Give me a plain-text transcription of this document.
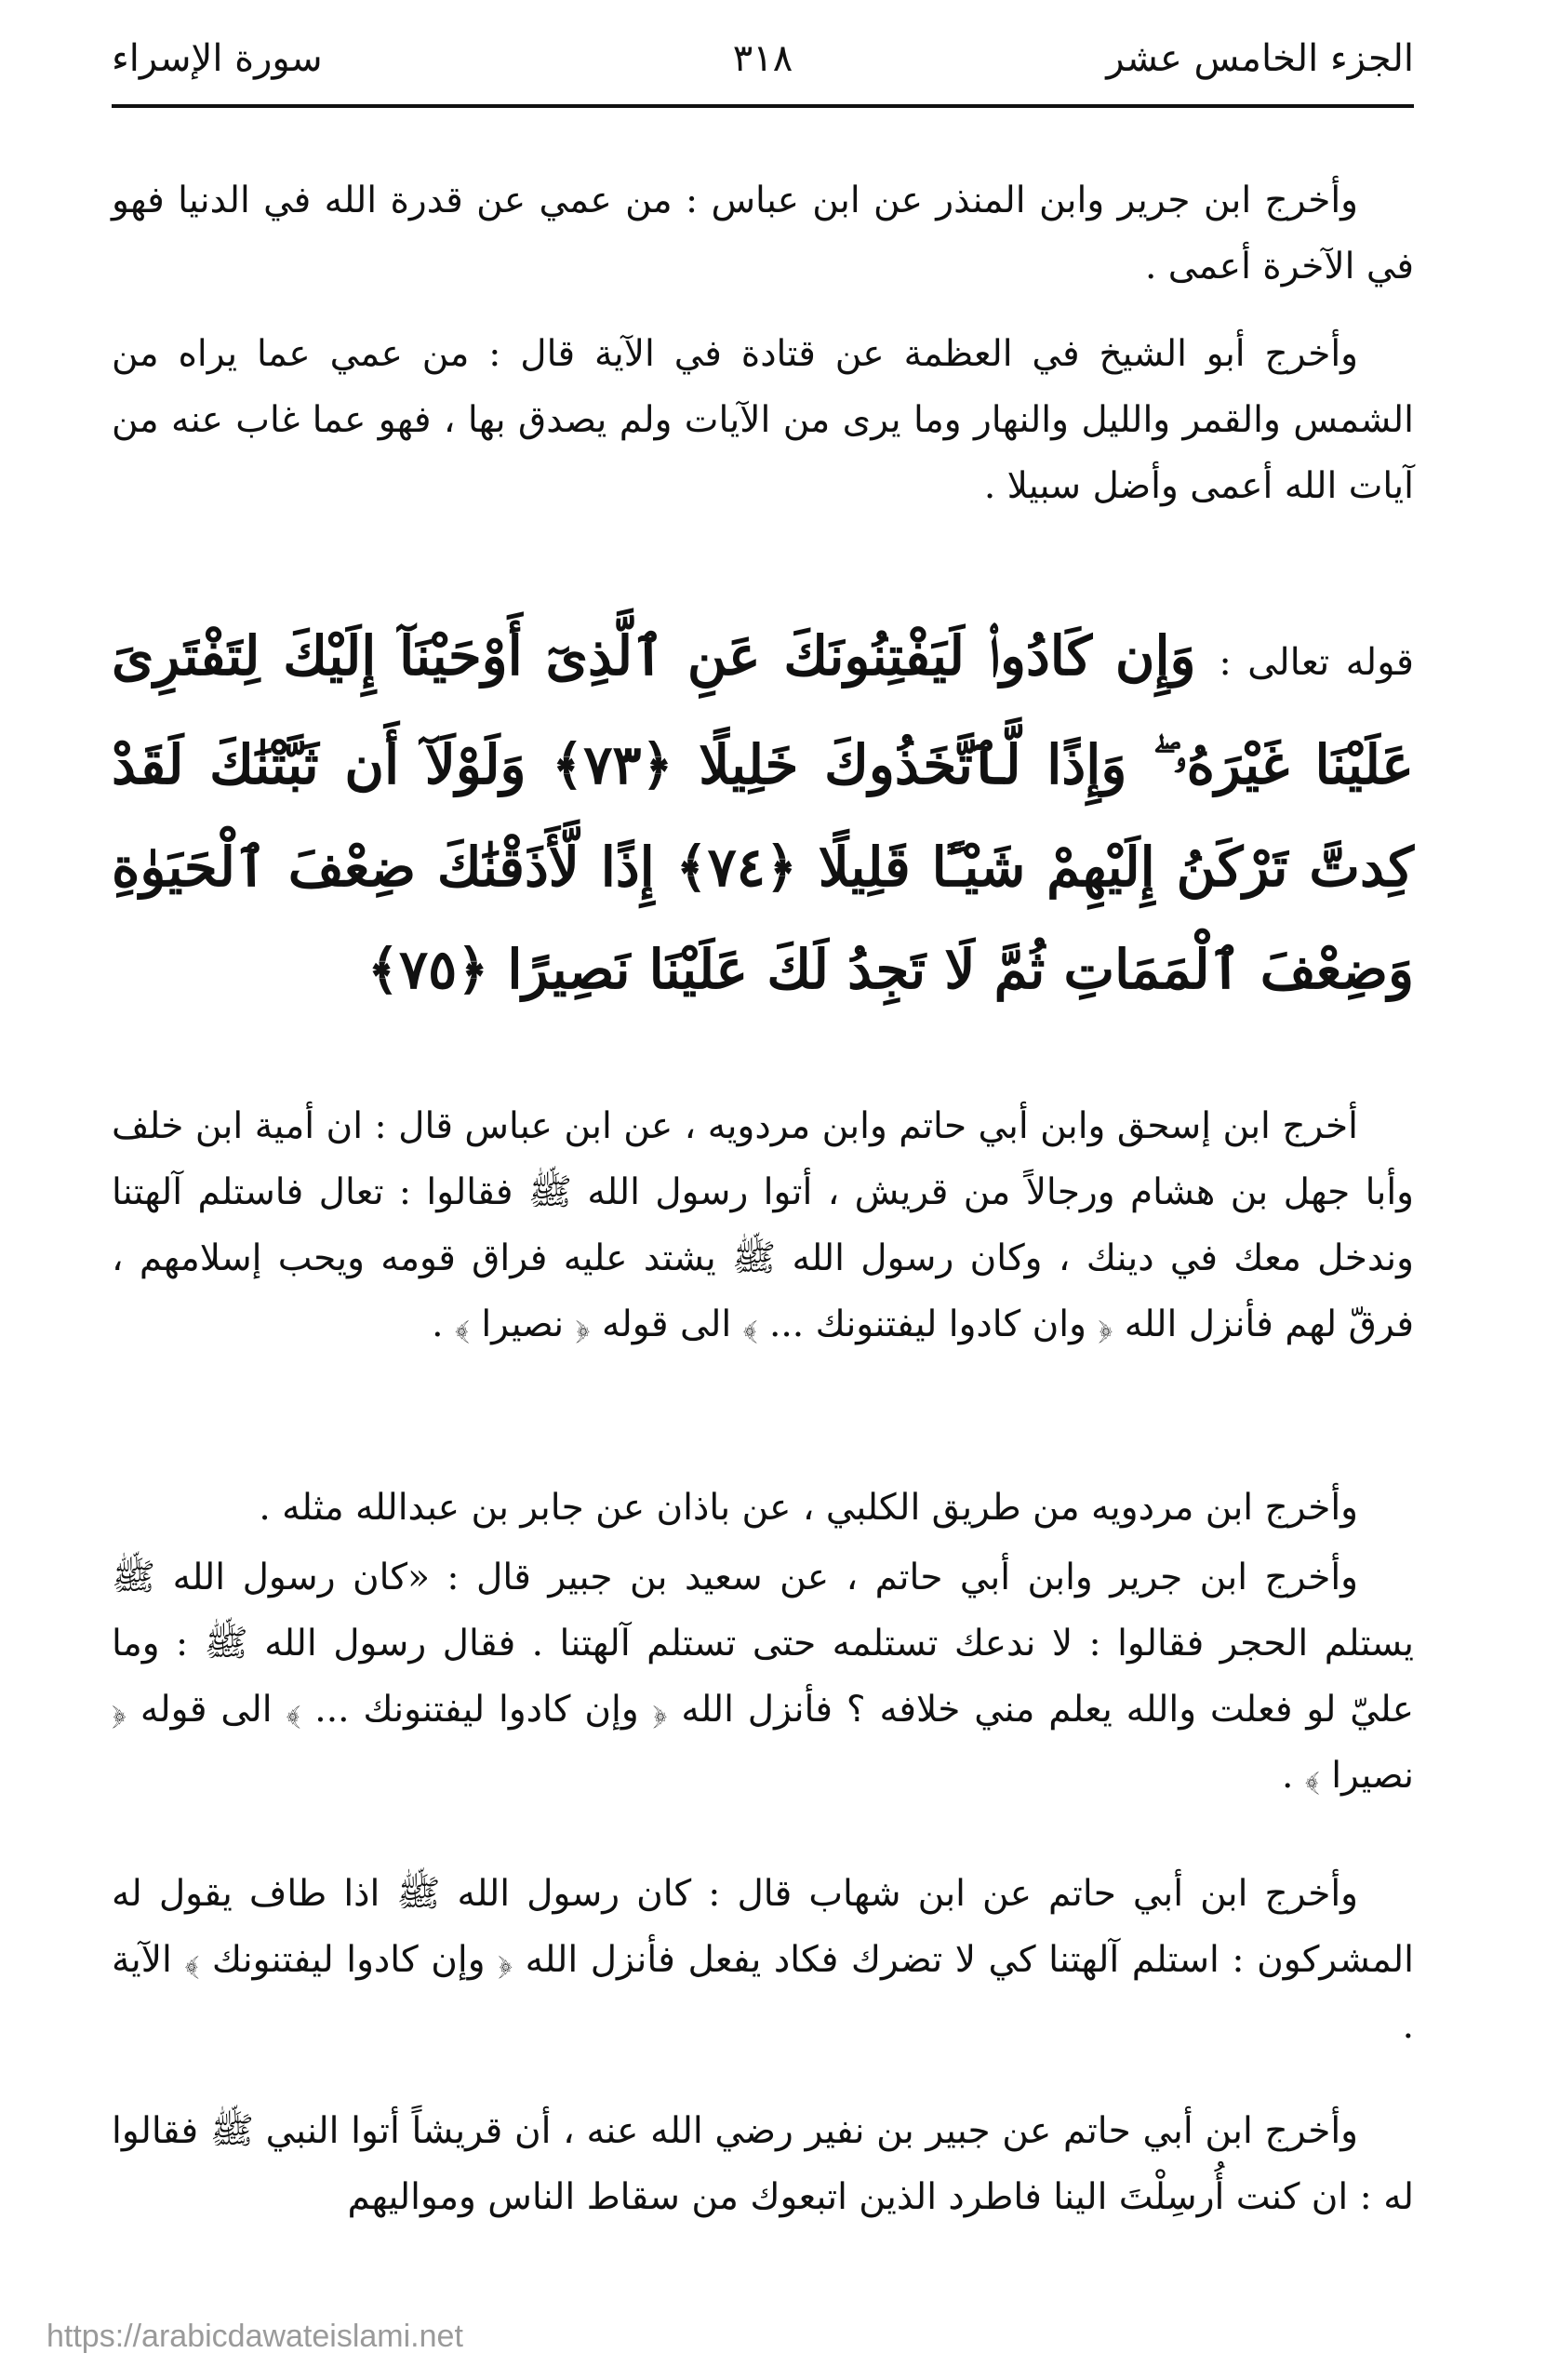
الجزء الخامس عشر
٣١٨
سورة الإسراء

وأخرج ابن جرير وابن المنذر عن ابن عباس : من عمي عن قدرة الله في الدنيا فهو في الآخرة أعمى .

وأخرج أبو الشيخ في العظمة عن قتادة في الآية قال : من عمي عما يراه من الشمس والقمر والليل والنهار وما يرى من الآيات ولم يصدق بها ، فهو عما غاب عنه من آيات الله أعمى وأضل سبيلا .

قوله تعالى : وَإِن كَادُوا۟ لَيَفْتِنُونَكَ عَنِ ٱلَّذِىٓ أَوْحَيْنَآ إِلَيْكَ لِتَفْتَرِىَ عَلَيْنَا غَيْرَهُۥ ۖ وَإِذًا لَّٱتَّخَذُوكَ خَلِيلًا ﴿٧٣﴾ وَلَوْلَآ أَن ثَبَّتْنَٰكَ لَقَدْ كِدتَّ تَرْكَنُ إِلَيْهِمْ شَيْـًٔا قَلِيلًا ﴿٧٤﴾ إِذًا لَّأَذَقْنَٰكَ ضِعْفَ ٱلْحَيَوٰةِ وَضِعْفَ ٱلْمَمَاتِ ثُمَّ لَا تَجِدُ لَكَ عَلَيْنَا نَصِيرًا ﴿٧٥﴾

أخرج ابن إسحق وابن أبي حاتم وابن مردويه ، عن ابن عباس قال : ان أمية ابن خلف وأبا جهل بن هشام ورجالاً من قريش ، أتوا رسول الله ﷺ فقالوا : تعال فاستلم آلهتنا وندخل معك في دينك ، وكان رسول الله ﷺ يشتد عليه فراق قومه ويحب إسلامهم ، فرقّ لهم فأنزل الله ﴿ وان كادوا ليفتنونك ... ﴾ الى قوله ﴿ نصيرا ﴾ .

وأخرج ابن مردويه من طريق الكلبي ، عن باذان عن جابر بن عبدالله مثله .

وأخرج ابن جرير وابن أبي حاتم ، عن سعيد بن جبير قال : «كان رسول الله ﷺ يستلم الحجر فقالوا : لا ندعك تستلمه حتى تستلم آلهتنا . فقال رسول الله ﷺ : وما عليّ لو فعلت والله يعلم مني خلافه ؟ فأنزل الله ﴿ وإن كادوا ليفتنونك ... ﴾ الى قوله ﴿ نصيرا ﴾ .

وأخرج ابن أبي حاتم عن ابن شهاب قال : كان رسول الله ﷺ اذا طاف يقول له المشركون : استلم آلهتنا كي لا تضرك فكاد يفعل فأنزل الله ﴿ وإن كادوا ليفتنونك ﴾ الآية .

وأخرج ابن أبي حاتم عن جبير بن نفير رضي الله عنه ، أن قريشاً أتوا النبي ﷺ فقالوا له : ان كنت أُرسِلْتَ الينا فاطرد الذين اتبعوك من سقاط الناس ومواليهم

https://arabicdawateislami.net
